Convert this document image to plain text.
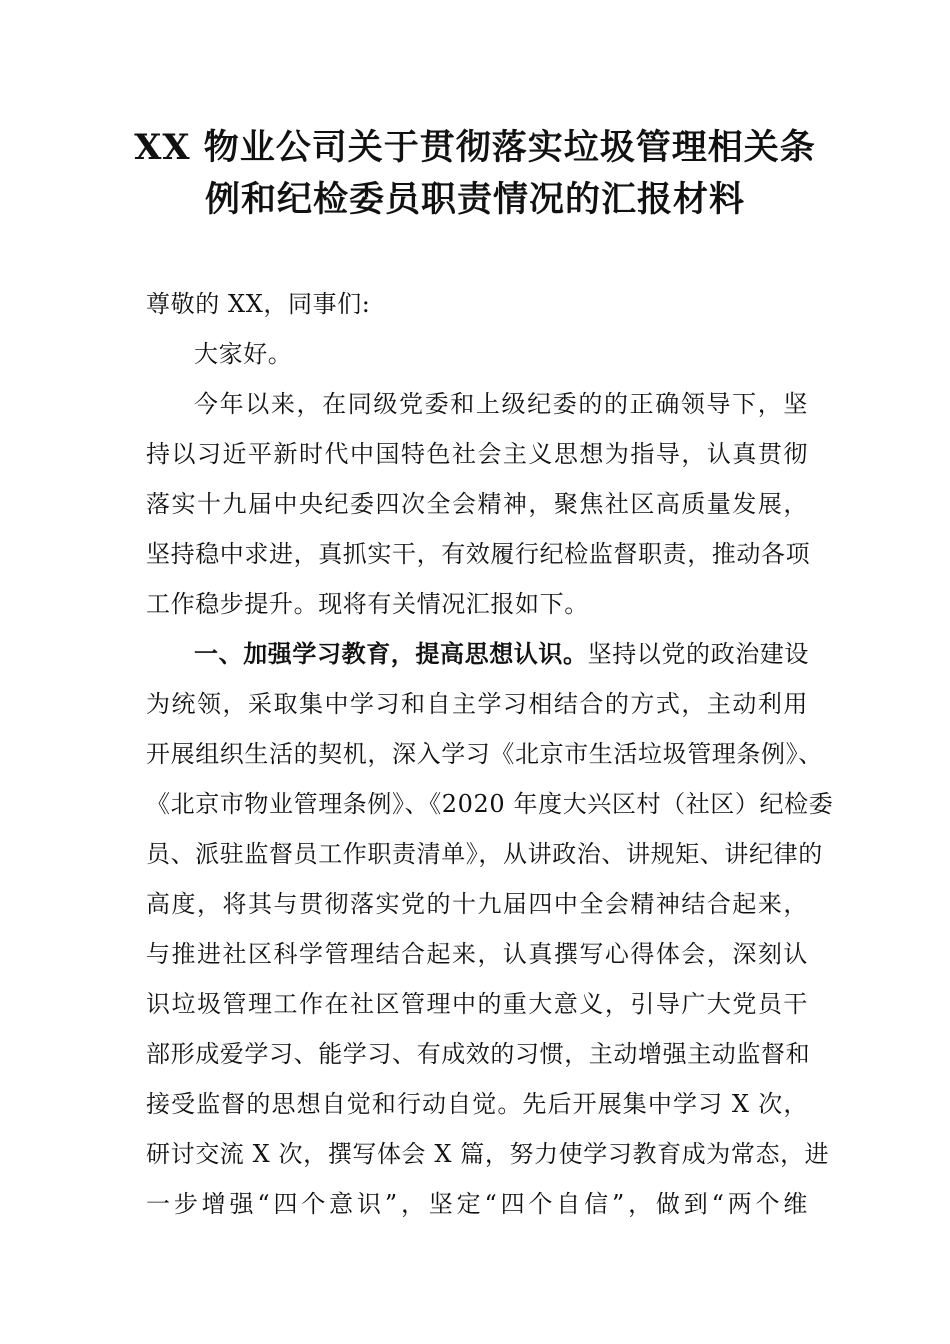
XX 物业公司关于贯彻落实垃圾管理相关条
例和纪检委员职责情况的汇报材料
尊敬的 XX，同事们:
大家好。
今年以来，在同级党委和上级纪委的的正确领导下，坚
持以习近平新时代中国特色社会主义思想为指导，认真贯彻
落实十九届中央纪委四次全会精神，聚焦社区高质量发展，
坚持稳中求进，真抓实干，有效履行纪检监督职责，推动各项
工作稳步提升。现将有关情况汇报如下。
一、加强学习教育，提高思想认识。坚持以党的政治建设
为统领，采取集中学习和自主学习相结合的方式，主动利用
开展组织生活的契机，深入学习《北京市生活垃圾管理条例》、
《北京市物业管理条例》、《2020 年度大兴区村（社区）纪检委
员、派驻监督员工作职责清单》，从讲政治、讲规矩、讲纪律的
高度，将其与贯彻落实党的十九届四中全会精神结合起来，
与推进社区科学管理结合起来，认真撰写心得体会，深刻认
识垃圾管理工作在社区管理中的重大意义，引导广大党员干
部形成爱学习、能学习、有成效的习惯，主动增强主动监督和
接受监督的思想自觉和行动自觉。先后开展集中学习 X 次，
研讨交流 X 次，撰写体会 X 篇，努力使学习教育成为常态，进
一步增强“四个意识”，坚定“四个自信”，做到“两个维
